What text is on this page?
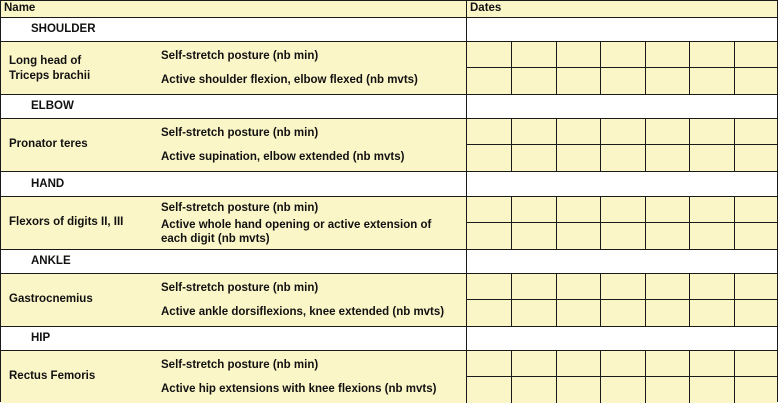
Name	Dates
SHOULDER
Long head of
Triceps brachii
Self-stretch posture (nb min)
Active shoulder flexion, elbow flexed (nb mvts)
ELBOW
Pronator teres
Self-stretch posture (nb min)
Active supination, elbow extended (nb mvts)
HAND
Flexors of digits II, III
Self-stretch posture (nb min)
Active whole hand opening or active extension of
each digit (nb mvts)
ANKLE
Gastrocnemius
Self-stretch posture (nb min)
Active ankle dorsiflexions, knee extended (nb mvts)
HIP
Rectus Femoris
Self-stretch posture (nb min)
Active hip extensions with knee flexions (nb mvts)
